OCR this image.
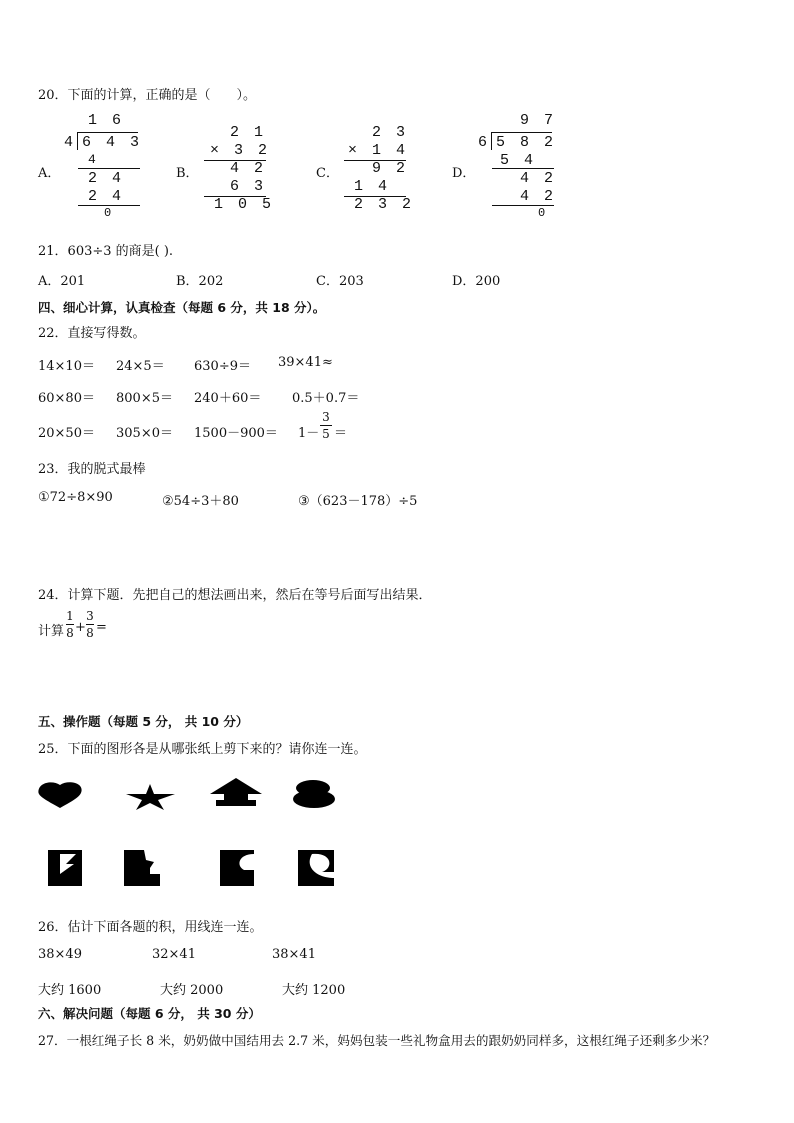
20．下面的计算，正确的是（　　）。
A．
1 6
4 6 4 3
4
2 4
2 4
0
B．
2 1
× 3 2
4 2
6 3
1 0 5
C．
2 3
× 1 4
9 2
1 4
2 3 2
D．
9 7
6 5 8 2
5 4
4 2
4 2
0
21．603÷3 的商是( ).
A．201	B．202	C．203	D．200
四、细心计算，认真检查（每题 6 分，共 18 分）。
22．直接写得数。
14×10＝ 24×5＝ 630÷9＝ 39×41≈
60×80＝ 800×5＝ 240＋60＝ 0.5＋0.7＝
20×50＝ 305×0＝ 1500－900＝ 1－
3
5 ＝
23．我的脱式最棒
①72÷8×90	②54÷3＋80	③（623－178）÷5
24．计算下题．先把自己的想法画出来，然后在等号后面写出结果．
计算
1
8 +
3
8 =
五、操作题（每题 5 分， 共 10 分）
25．下面的图形各是从哪张纸上剪下来的？请你连一连。
26．估计下面各题的积，用线连一连。
38×49	32×41	38×41
大约 1600	大约 2000	大约 1200
六、解决问题（每题 6 分， 共 30 分）
27．一根红绳子长 8 米，奶奶做中国结用去 2.7 米，妈妈包装一些礼物盒用去的跟奶奶同样多，这根红绳子还剩多少米？
